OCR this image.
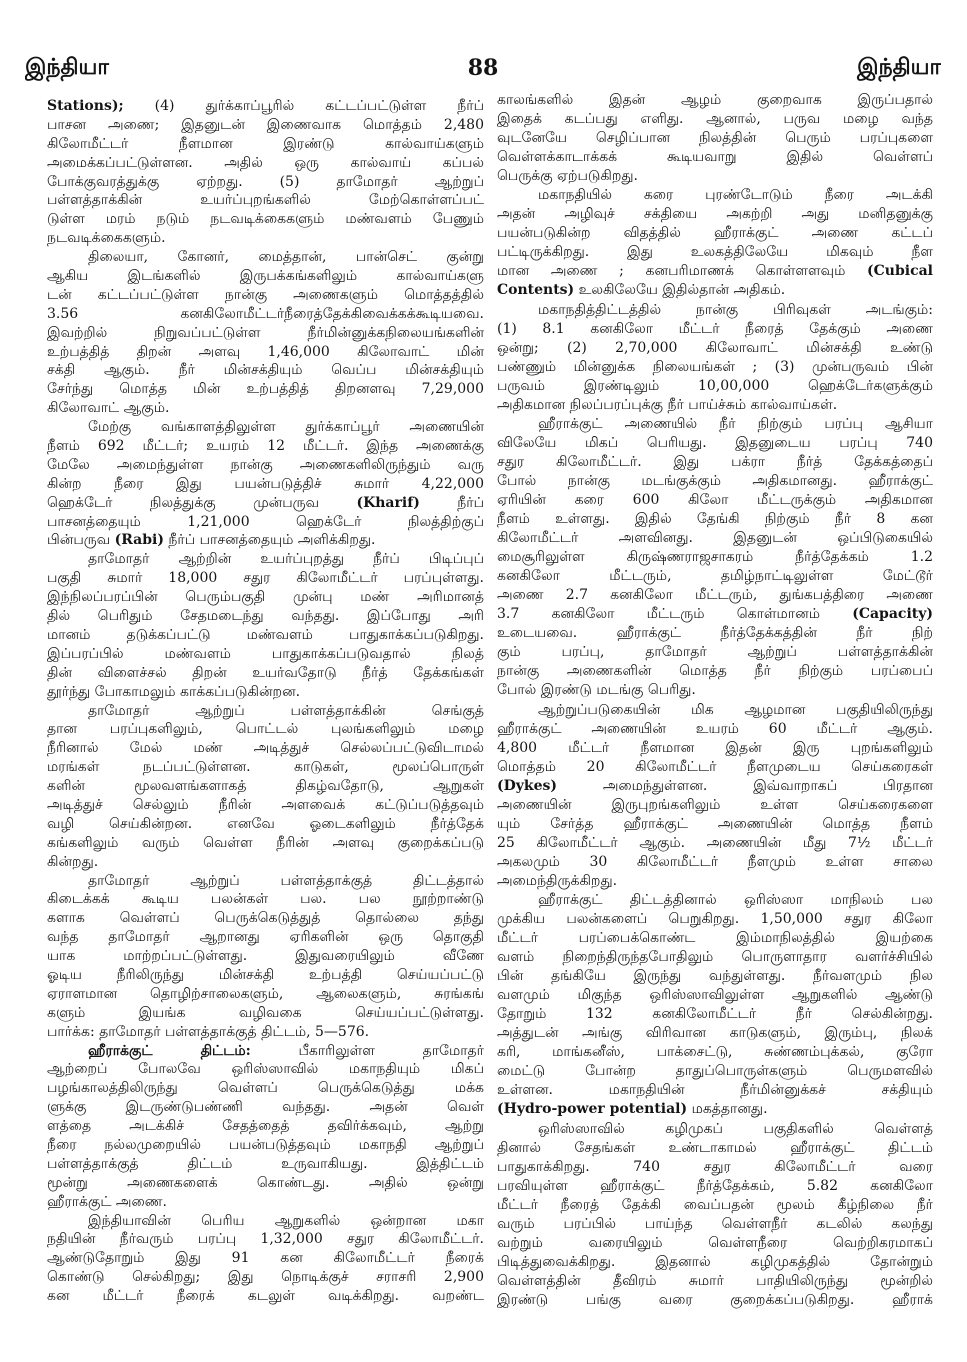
இந்தியா	88	இந்தியா
Stations); (4) துர்க்காப்பூரில் கட்டப்பட்டுள்ள நீர்ப்
பாசன அணை; இதனுடன் இணைவாக மொத்தம் 2,480
கிலோமீட்டர் நீளமான இரண்டு கால்வாய்களும்
அமைக்கப்பட்டுள்ளன. அதில் ஒரு கால்வாய் கப்பல்
போக்குவரத்துக்கு ஏற்றது. (5) தாமோதர் ஆற்றுப்
பள்ளத்தாக்கின் உயர்ப்புறங்களில் மேற்கொள்ளப்பட்
டுள்ள மரம் நடும் நடவடிக்கைகளும் மண்வளம் பேணும்
நடவடிக்கைகளும்.
திலையா, கோனர், மைத்தான், பான்செட் குன்று
ஆகிய இடங்களில் இருபக்கங்களிலும் கால்வாய்களு
டன் கட்டப்பட்டுள்ள நான்கு அணைகளும் மொத்தத்தில்
3.56 கனகிலோமீட்டர்நீரைத்தேக்கிவைக்கக்கூடியவை.
இவற்றில் நிறுவப்பட்டுள்ள நீர்மின்னுக்கநிலையங்களின்
உற்பத்தித் திறன் அளவு 1,46,000 கிலோவாட் மின்
சக்தி ஆகும். நீர் மின்சக்தியும் வெப்ப மின்சக்தியும்
சேர்ந்து மொத்த மின் உற்பத்தித் திறனளவு 7,29,000
கிலோவாட் ஆகும்.
மேற்கு வங்காளத்திலுள்ள துர்க்காப்பூர் அணையின்
நீளம் 692 மீட்டர்; உயரம் 12 மீட்டர். இந்த அணைக்கு
மேலே அமைந்துள்ள நான்கு அணைகளிலிருந்தும் வரு
கின்ற நீரை இது பயன்படுத்திச் சுமார் 4,22,000
ஹெக்டேர் நிலத்துக்கு முன்பருவ (Kharif) நீர்ப்
பாசனத்தையும் 1,21,000 ஹெக்டேர் நிலத்திற்குப்
பின்பருவ (Rabi) நீர்ப் பாசனத்தையும் அளிக்கிறது.
தாமோதர் ஆற்றின் உயர்ப்புறத்து நீர்ப் பிடிப்புப்
பகுதி சுமார் 18,000 சதுர கிலோமீட்டர் பரப்புள்ளது.
இந்நிலப்பரப்பின் பெரும்பகுதி முன்பு மண் அரிமானத்
தில் பெரிதும் சேதமடைந்து வந்தது. இப்போது அரி
மானம் தடுக்கப்பட்டு மண்வளம் பாதுகாக்கப்படுகிறது.
இப்பரப்பில் மண்வளம் பாதுகாக்கப்படுவதால் நிலத்
தின் விளைச்சல் திறன் உயர்வதோடு நீர்த் தேக்கங்கள்
தூர்ந்து போகாமலும் காக்கப்படுகின்றன.
தாமோதர் ஆற்றுப் பள்ளத்தாக்கின் செங்குத்
தான பரப்புகளிலும், பொட்டல் புலங்களிலும் மழை
நீரினால் மேல் மண் அடித்துச் செல்லப்பட்டுவிடாமல்
மரங்கள் நடப்பட்டுள்ளன. காடுகள், மூலப்பொருள்
களின் மூலவளங்களாகத் திகழ்வதோடு, ஆறுகள்
அடித்துச் செல்லும் நீரின் அளவைக் கட்டுப்படுத்தவும்
வழி செய்கின்றன. எனவே ஓடைகளிலும் நீர்த்தேக்
கங்களிலும் வரும் வெள்ள நீரின் அளவு குறைக்கப்படு
கின்றது.
தாமோதர் ஆற்றுப் பள்ளத்தாக்குத் திட்டத்தால்
கிடைக்கக் கூடிய பலன்கள் பல. பல நூற்றாண்டு
களாக வெள்ளப் பெருக்கெடுத்துத் தொல்லை தந்து
வந்த தாமோதர் ஆறானது ஏரிகளின் ஒரு தொகுதி
யாக மாற்றப்பட்டுள்ளது. இதுவரையிலும் வீணே
ஓடிய நீரிலிருந்து மின்சக்தி உற்பத்தி செய்யப்பட்டு
ஏராளமான தொழிற்சாலைகளும், ஆலைகளும், சுரங்கங்
களும் இயங்க வழிவகை செய்யப்பட்டுள்ளது.
பார்க்க: தாமோதர் பள்ளத்தாக்குத் திட்டம், 5—576.
ஹீராக்குட் திட்டம்: பீகாரிலுள்ள தாமோதர்
ஆற்றைப் போலவே ஒரிஸ்ஸாவில் மகாநதியும் மிகப்
பழங்காலத்திலிருந்து வெள்ளப் பெருக்கெடுத்து மக்க
ளுக்கு இடருண்டுபண்ணி வந்தது. அதன் வெள்
ளத்தை அடக்கிச் சேதத்தைத் தவிர்க்கவும், ஆற்று
நீரை நல்லமுறையில் பயன்படுத்தவும் மகாநதி ஆற்றுப்
பள்ளத்தாக்குத் திட்டம் உருவாகியது. இத்திட்டம்
மூன்று அணைகளைக் கொண்டது. அதில் ஒன்று
ஹீராக்குட் அணை.
இந்தியாவின் பெரிய ஆறுகளில் ஒன்றான மகா
நதியின் நீர்வரும் பரப்பு 1,32,000 சதுர கிலோமீட்டர்.
ஆண்டுதோறும் இது 91 கன கிலோமீட்டர் நீரைக்
கொண்டு செல்கிறது; இது நொடிக்குச் சராசரி 2,900
கன மீட்டர் நீரைக் கடலுள் வடிக்கிறது. வறண்ட
காலங்களில் இதன் ஆழம் குறைவாக இருப்பதால்
இதைக் கடப்பது எளிது. ஆனால், பருவ மழை வந்த
வுடனேயே செழிப்பான நிலத்தின் பெரும் பரப்புகளை
வெள்ளக்காடாக்கக் கூடியவாறு இதில் வெள்ளப்
பெருக்கு ஏற்படுகிறது.
மகாநதியில் கரை புரண்டோடும் நீரை அடக்கி
அதன் அழிவுச் சக்தியை அகற்றி அது மனிதனுக்கு
பயன்படுகின்ற விதத்தில் ஹீராக்குட் அணை கட்டப்
பட்டிருக்கிறது. இது உலகத்திலேயே மிகவும் நீள
மான அணை ; கனபரிமாணக் கொள்ளளவும் (Cubical
Contents) உலகிலேயே இதில்தான் அதிகம்.
மகாநதித்திட்டத்தில் நான்கு பிரிவுகள் அடங்கும்:
(1) 8.1 கனகிலோ மீட்டர் நீரைத் தேக்கும் அணை
ஒன்று; (2) 2,70,000 கிலோவாட் மின்சக்தி உண்டு
பண்ணும் மின்னுக்க நிலையங்கள் ; (3) முன்பருவம் பின்
பருவம் இரண்டிலும் 10,00,000 ஹெக்டேர்களுக்கும்
அதிகமான நிலப்பரப்புக்கு நீர் பாய்ச்சும் கால்வாய்கள்.
ஹீராக்குட் அணையில் நீர் நிற்கும் பரப்பு ஆசியா
விலேயே மிகப் பெரியது. இதனுடைய பரப்பு 740
சதுர கிலோமீட்டர். இது பக்ரா நீர்த் தேக்கத்தைப்
போல் நான்கு மடங்குக்கும் அதிகமானது. ஹீராக்குட்
ஏரியின் கரை 600 கிலோ மீட்டருக்கும் அதிகமான
நீளம் உள்ளது. இதில் தேங்கி நிற்கும் நீர் 8 கன
கிலோமீட்டர் அளவினது. இதனுடன் ஒப்பிடுகையில்
மைசூரிலுள்ள கிருஷ்ணராஜசாகரம் நீர்த்தேக்கம் 1.2
கனகிலோ மீட்டரும், தமிழ்நாட்டிலுள்ள மேட்டூர்
அணை 2.7 கனகிலோ மீட்டரும், துங்கபத்திரை அணை
3.7 கனகிலோ மீட்டரும் கொள்மானம் (Capacity)
உடையவை. ஹீராக்குட் நீர்த்தேக்கத்தின் நீர் நிற்
கும் பரப்பு, தாமோதர் ஆற்றுப் பள்ளத்தாக்கின்
நான்கு அணைகளின் மொத்த நீர் நிற்கும் பரப்பைப்
போல் இரண்டு மடங்கு பெரிது.
ஆற்றுப்படுகையின் மிக ஆழமான பகுதியிலிருந்து
ஹீராக்குட் அணையின் உயரம் 60 மீட்டர் ஆகும்.
4,800 மீட்டர் நீளமான இதன் இரு புறங்களிலும்
மொத்தம் 20 கிலோமீட்டர் நீளமுடைய செய்கரைகள்
(Dykes) அமைந்துள்ளன. இவ்வாறாகப் பிரதான
அணையின் இருபுறங்களிலும் உள்ள செய்கரைகளை
யும் சேர்த்த ஹீராக்குட் அணையின் மொத்த நீளம்
25 கிலோமீட்டர் ஆகும். அணையின் மீது 7½ மீட்டர்
அகலமும் 30 கிலோமீட்டர் நீளமும் உள்ள சாலை
அமைந்திருக்கிறது.
ஹீராக்குட் திட்டத்தினால் ஒரிஸ்ஸா மாநிலம் பல
முக்கிய பலன்களைப் பெறுகிறது. 1,50,000 சதுர கிலோ
மீட்டர் பரப்பைக்கொண்ட இம்மாநிலத்தில் இயற்கை
வளம் நிறைந்திருந்தபோதிலும் பொருளாதார வளர்ச்சியில்
பின் தங்கியே இருந்து வந்துள்ளது. நீர்வளமும் நில
வளமும் மிகுந்த ஒரிஸ்ஸாவிலுள்ள ஆறுகளில் ஆண்டு
தோறும் 132 கனகிலோமீட்டர் நீர் செல்கின்றது.
அத்துடன் அங்கு விரிவான காடுகளும், இரும்பு, நிலக்
கரி, மாங்கனீஸ், பாக்சைட்டு, சுண்ணம்புக்கல், குரோ
மைட்டு போன்ற தாதுப்பொருள்களும் பெருமளவில்
உள்ளன. மகாநதியின் நீர்மின்னுக்கச் சக்தியும்
(Hydro-power potential) மகத்தானது.
ஒரிஸ்ஸாவில் கழிமுகப் பகுதிகளில் வெள்ளத்
தினால் சேதங்கள் உண்டாகாமல் ஹீராக்குட் திட்டம்
பாதுகாக்கிறது. 740 சதுர கிலோமீட்டர் வரை
பரவியுள்ள ஹீராக்குட் நீர்த்தேக்கம், 5.82 கனகிலோ
மீட்டர் நீரைத் தேக்கி வைப்பதன் மூலம் கீழ்நிலை நீர்
வரும் பரப்பில் பாய்ந்த வெள்ளநீர் கடலில் கலந்து
வற்றும் வரையிலும் வெள்ளநீரை வெற்றிகரமாகப்
பிடித்துவைக்கிறது. இதனால் கழிமுகத்தில் தோன்றும்
வெள்ளத்தின் தீவிரம் சுமார் பாதியிலிருந்து மூன்றில்
இரண்டு பங்கு வரை குறைக்கப்படுகிறது. ஹீராக்
